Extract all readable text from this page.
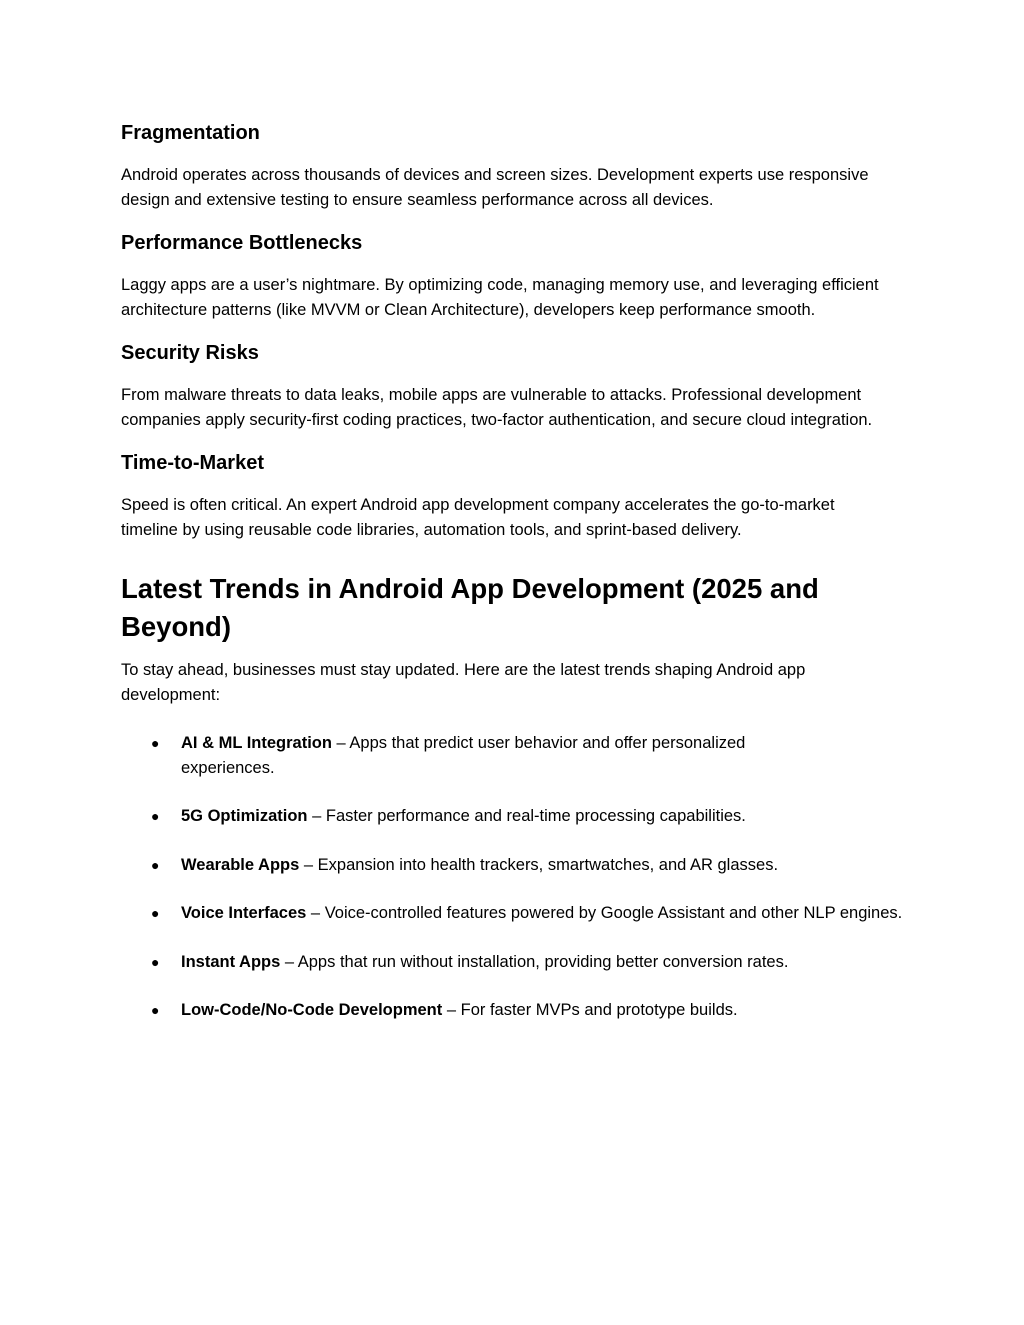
Fragmentation

Android operates across thousands of devices and screen sizes. Development experts use responsive design and extensive testing to ensure seamless performance across all devices.

Performance Bottlenecks

Laggy apps are a user’s nightmare. By optimizing code, managing memory use, and leveraging efficient architecture patterns (like MVVM or Clean Architecture), developers keep performance smooth.

Security Risks

From malware threats to data leaks, mobile apps are vulnerable to attacks. Professional development companies apply security-first coding practices, two-factor authentication, and secure cloud integration.

Time-to-Market

Speed is often critical. An expert Android app development company accelerates the go-to-market timeline by using reusable code libraries, automation tools, and sprint-based delivery.

Latest Trends in Android App Development (2025 and Beyond)

To stay ahead, businesses must stay updated. Here are the latest trends shaping Android app development:

● AI & ML Integration – Apps that predict user behavior and offer personalized experiences.
● 5G Optimization – Faster performance and real-time processing capabilities.
● Wearable Apps – Expansion into health trackers, smartwatches, and AR glasses.
● Voice Interfaces – Voice-controlled features powered by Google Assistant and other NLP engines.
● Instant Apps – Apps that run without installation, providing better conversion rates.
● Low-Code/No-Code Development – For faster MVPs and prototype builds.
